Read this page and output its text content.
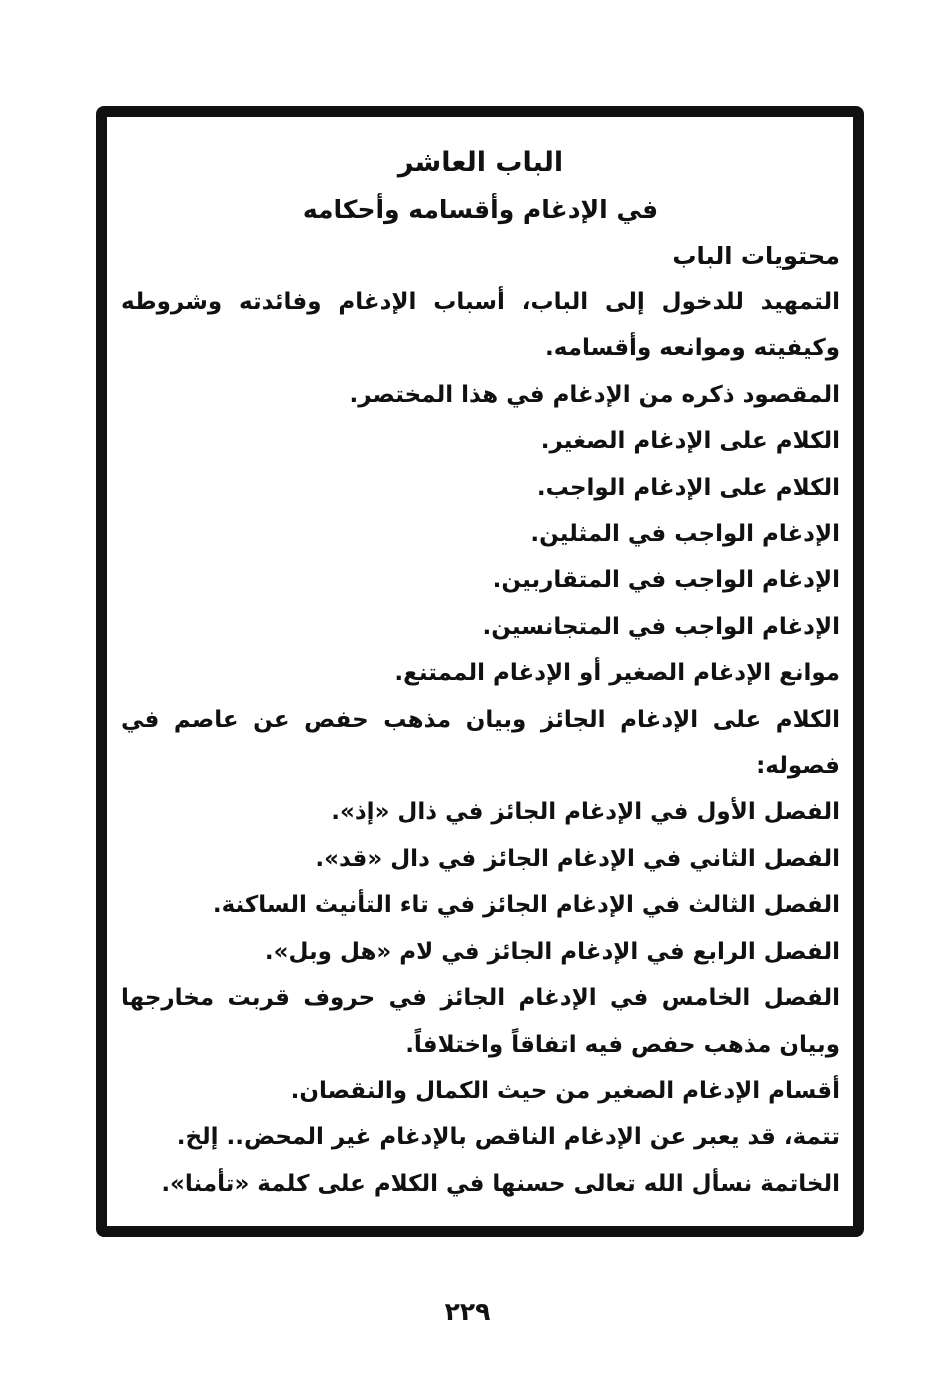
الباب العاشر
في الإدغام وأقسامه وأحكامه
محتويات الباب
التمهيد للدخول إلى الباب، أسباب الإدغام وفائدته وشروطه وكيفيته وموانعه وأقسامه.
المقصود ذكره من الإدغام في هذا المختصر.
الكلام على الإدغام الصغير.
الكلام على الإدغام الواجب.
الإدغام الواجب في المثلين.
الإدغام الواجب في المتقاربين.
الإدغام الواجب في المتجانسين.
موانع الإدغام الصغير أو الإدغام الممتنع.
الكلام على الإدغام الجائز وبيان مذهب حفص عن عاصم في فصوله:
الفصل الأول في الإدغام الجائز في ذال «إذ».
الفصل الثاني في الإدغام الجائز في دال «قد».
الفصل الثالث في الإدغام الجائز في تاء التأنيث الساكنة.
الفصل الرابع في الإدغام الجائز في لام «هل وبل».
الفصل الخامس في الإدغام الجائز في حروف قربت مخارجها وبيان مذهب حفص فيه اتفاقاً واختلافاً.
أقسام الإدغام الصغير من حيث الكمال والنقصان.
تتمة، قد يعبر عن الإدغام الناقص بالإدغام غير المحض.. إلخ.
الخاتمة نسأل الله تعالى حسنها في الكلام على كلمة «تأمنا».
٢٢٩
